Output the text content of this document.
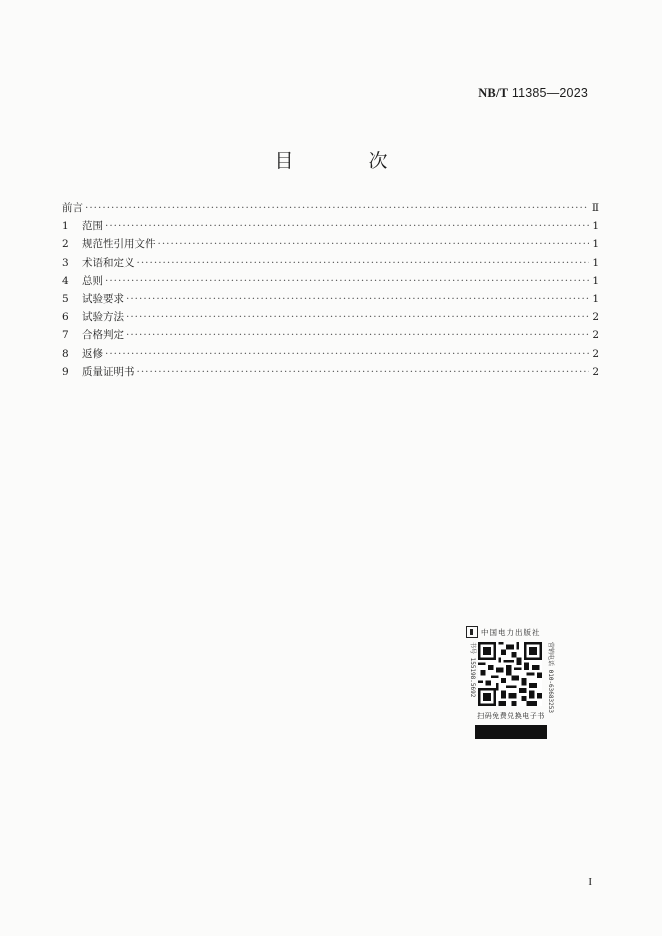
NB/T 11385—2023
目　次
前言 ·····	Ⅱ
1	范围 ·····	1
2	规范性引用文件 ·····	1
3	术语和定义 ·····	1
4	总则 ·····	1
5	试验要求 ·····	1
6	试验方法 ·····	2
7	合格判定 ·····	2
8	返修 ·····	2
9	质量证明书 ·····	2
中国电力出版社
书号 155198.5692	营销电话 010-63683253
扫码免费兑换电子书
I
